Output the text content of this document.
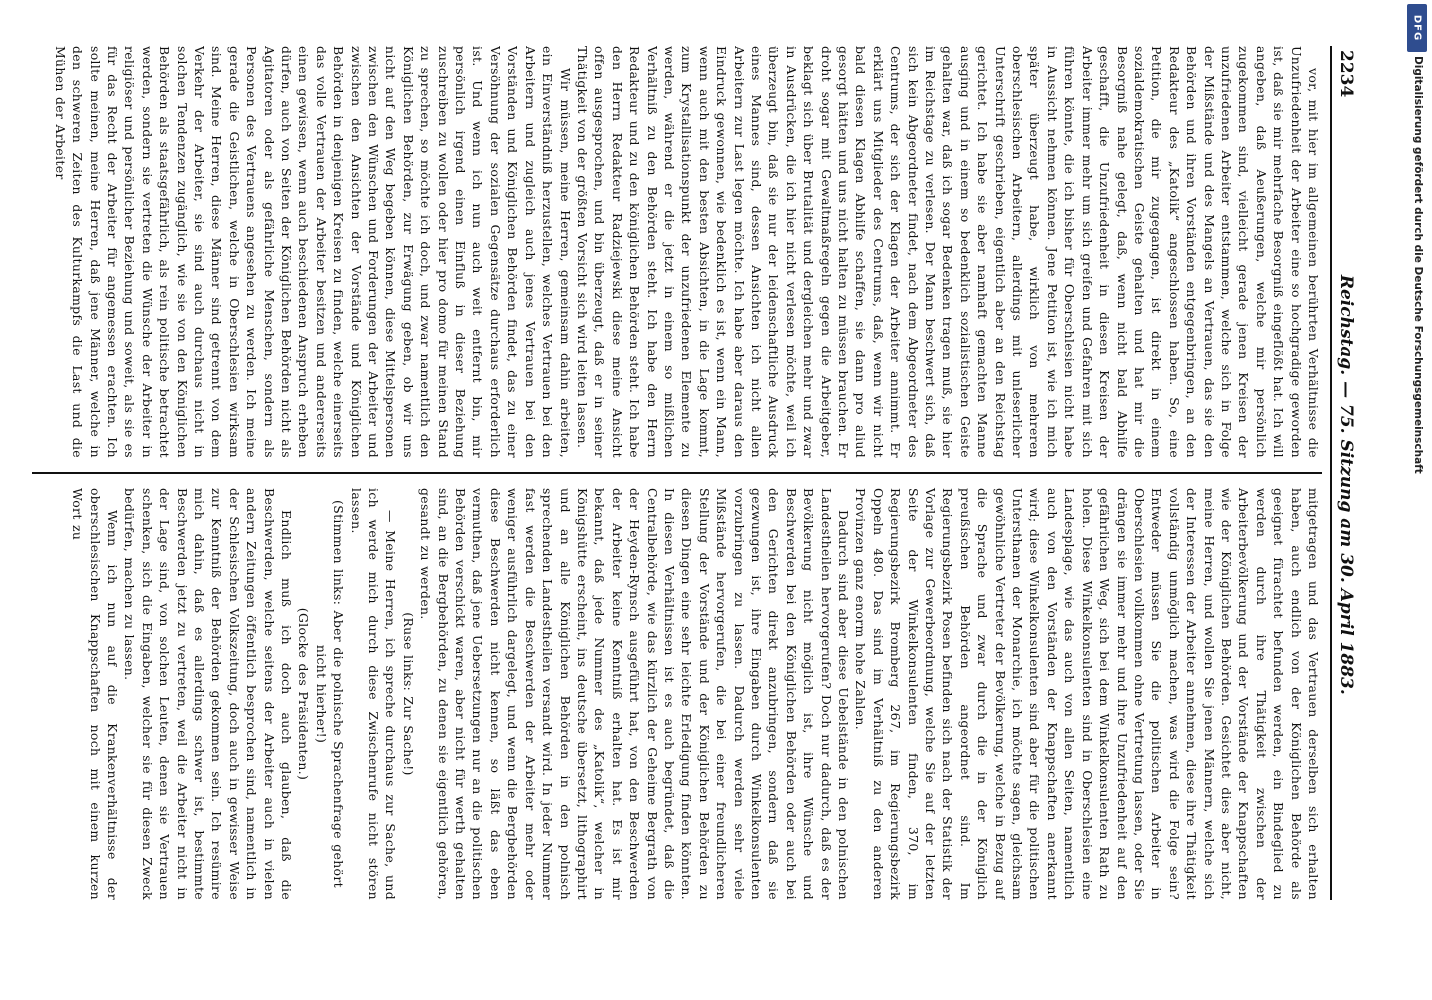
2234
Reichstag. — 75. Sitzung am 30. April 1883.

vor, mit hier im allgemeinen berührten Verhältnisse die Unzufriedenheit der Arbeiter eine so hochgradige geworden ist, daß sie mir mehrfache Besorgniß eingeflößt hat. Ich will angeben, daß Aeußerungen, welche mir persönlich zugekommen sind, vielleicht gerade jenen Kreisen der unzufriedenen Arbeiter entstammen, welche sich in Folge der Mißstände und des Mangels an Vertrauen, das sie den Behörden und ihren Vorständen entgegenbringen, an den Redakteur des „Katolik“ angeschlossen haben. So, eine Petition, die mir zugegangen, ist direkt in einem sozialdemokratischen Geiste gehalten und hat mir die Besorgniß nahe gelegt, daß, wenn nicht bald Abhilfe geschafft, die Unzufriedenheit in diesen Kreisen der Arbeiter immer mehr um sich greifen und Gefahren mit sich führen könnte, die ich bisher für Oberschlesien nicht habe in Aussicht nehmen können. Jene Petition ist, wie ich mich später überzeugt habe, wirklich von mehreren oberschlesischen Arbeitern, allerdings mit unleserlicher Unterschrift geschrieben, eigentlich aber an den Reichstag gerichtet. Ich habe sie aber namhaft gemachten Manne ausging und in einem so bedenklich sozialistischen Geiste gehalten war, daß ich sogar Bedenken tragen muß, sie hier im Reichstage zu verlesen. Der Mann beschwert sich, daß sich kein Abgeordneter findet, nach dem Abgeordneter des Centrums, der sich der Klagen der Arbeiter annimmt. Er erklärt uns Mitglieder des Centrums, daß, wenn wir nicht bald diesen Klagen Abhilfe schaffen, sie dann pro aliud gesorgt hätten und uns nicht halten zu müssen brauchen. Er droht sogar mit Gewaltmaßregeln gegen die Arbeitgeber, beklagt sich über Brutalität und dergleichen mehr und zwar in Ausdrücken, die ich hier nicht verlesen möchte, weil ich überzeugt bin, daß sie nur der leidenschaftliche Ausdruck eines Mannes sind, dessen Ansichten ich nicht allen Arbeitern zur Last legen möchte. Ich habe aber daraus den Eindruck gewonnen, wie bedenklich es ist, wenn ein Mann, wenn auch mit den besten Absichten, in die Lage kommt, zum Krystallisationspunkt der unzufriedenen Elemente zu werden, während er die jetzt in einem so mißlichen Verhältniß zu den Behörden steht. Ich habe den Herrn Redakteur und zu den königlichen Behörden steht. Ich habe den Herrn Redakteur Radziejewski diese meine Ansicht offen ausgesprochen, und bin überzeugt, daß er in seiner Thätigkeit von der größten Vorsicht sich wird leiten lassen.

Wir müssen, meine Herren, gemeinsam dahin arbeiten, ein Einverständniß herzustellen, welches Vertrauen bei den Arbeitern und zugleich auch jenes Vertrauen bei den Vorständen und Königlichen Behörden findet, das zu einer Versöhnung der sozialen Gegensätze durchaus erforderlich ist. Und wenn ich nun auch weit entfernt bin, mir persönlich irgend einen Einfluß in dieser Beziehung zuschreiben zu wollen oder hier pro domo für meinen Stand zu sprechen, so möchte ich doch, und zwar namentlich den Königlichen Behörden, zur Erwägung geben, ob wir uns nicht auf den Weg begeben können, diese Mittelspersonen zwischen den Wünschen und Forderungen der Arbeiter und zwischen den Ansichten der Vorstände und Königlichen Behörden in denjenigen Kreisen zu finden, welche einerseits das volle Vertrauen der Arbeiter besitzen und andererseits einen gewissen, wenn auch beschiedenen Anspruch erheben dürfen, auch von Seiten der Königlichen Behörden nicht als Agitatoren oder als gefährliche Menschen, sondern als Personen des Vertrauens angesehen zu werden. Ich meine gerade die Geistlichen, welche in Oberschlesien wirksam sind. Meine Herren, diese Männer sind getrennt von dem Verkehr der Arbeiter, sie sind auch durchaus nicht in solchen Tendenzen zugänglich, wie sie von den Königlichen Behörden als staatsgefährlich, als rein politische betrachtet werden, sondern sie vertreten die Wünsche der Arbeiter in religiöser und persönlicher Beziehung und soweit, als sie es für das Recht der Arbeiter für angemessen erachten. Ich sollte meinen, meine Herren, daß jene Männer, welche in den schweren Zeiten des Kulturkampfs die Last und die Mühen der Arbeiter

mitgetragen und das Vertrauen derselben sich erhalten haben, auch endlich von der Königlichen Behörde als geeignet fürachtet befunden werden, ein Bindeglied zu werden durch ihre Thätigkeit zwischen der Arbeiterbevölkerung und der Vorstände der Knappschaften wie der Königlichen Behörden. Gesichtet dies aber nicht, meine Herren, und wollen Sie jenen Männern, welche sich der Interessen der Arbeiter annehmen, diese ihre Thätigkeit vollständig unmöglich machen, was wird die Folge sein? Entweder müssen Sie die politischen Arbeiter in Oberschlesien vollkommen ohne Vertretung lassen, oder Sie drängen sie immer mehr und ihre Unzufriedenheit auf den gefährlichen Weg, sich bei dem Winkelkonsulenten Rath zu holen. Diese Winkelkonsulenten sind in Oberschlesien eine Landesplage, wie das auch von allen Seiten, namentlich auch von den Vorständen der Knappschaften anerkannt wird; diese Winkelkonsulenten sind aber für die politischen Untersthanen der Monarchie, ich möchte sagen, gleichsam gewöhnliche Vertreter der Bevölkerung, welche in Bezug auf die Sprache und zwar durch die in der Königlich preußischen Behörden angeordnet sind. Im Regierungsbezirk Posen befinden sich nach der Statistik der Vorlage zur Gewerbeordnung, welche Sie auf der letzten Seite der Winkelkonsulenten finden, 370, im Regierungsbezirk Bromberg 267, im Regierungsbezirk Oppeln 480. Das sind im Verhältniß zu den anderen Provinzen ganz enorm hohe Zahlen.

Dadurch sind aber diese Uebelstände in den polnischen Landestheilen hervorgerufen? Doch nur dadurch, daß es der Bevölkerung nicht möglich ist, ihre Wünsche und Beschwerden bei den Königlichen Behörden oder auch bei den Gerichten direkt anzubringen, sondern daß sie gezwungen ist, ihre Eingaben durch Winkelkonsulenten vorzubringen zu lassen. Dadurch werden sehr viele Mißstände hervorgerufen, die bei einer freundlicheren Stellung der Vorstände und der Königlichen Behörden zu diesen Dingen eine sehr leichte Erledigung finden könnten. In diesen Verhältnissen ist es auch begründet, daß die Centralbehörde, wie das kürzlich der Geheime Bergrath von der Heyden-Rynsch ausgeführt hat, von den Beschwerden der Arbeiter keine Kenntniß erhalten hat. Es ist mir bekannt, daß jede Nummer des „Katolik“, welcher in Königshütte erscheint, ins deutsche übersetzt, lithographirt und an alle Königlichen Behörden in den polnisch sprechenden Landestheilen versandt wird. In jeder Nummer fast werden die Beschwerden der Arbeiter mehr oder weniger ausführlich dargelegt, und wenn die Bergbehörden diese Beschwerden nicht kennen, so läßt das eben vermuthen, daß jene Uebersetzungen nur an die politischen Behörden verschickt waren, aber nicht für werth gehalten sind, an die Bergbehörden, zu denen sie eigentlich gehören, gesandt zu werden.

(Ruse links: Zur Sache!)

— Meine Herren, ich spreche durchaus zur Sache, und ich werde mich durch diese Zwischenrufe nicht stören lassen.

(Stimmen links: Aber die polnische Sprachenfrage gehört nicht hierher!)

(Glocke des Präsidenten.)

Endlich muß ich doch auch glauben, daß die Beschwerden, welche seitens der Arbeiter auch in vielen andern Zeitungen öffentlich besprochen sind, namentlich in der Schlesischen Volkszeitung, doch auch in gewisser Weise zur Kenntniß der Behörden gekommen sein. Ich resümire mich dahin, daß es allerdings schwer ist, bestimmte Beschwerden jetzt zu vertreten, weil die Arbeiter nicht in der Lage sind, von solchen Leuten, denen sie Vertrauen schenken, sich die Eingaben, welcher sie für diesen Zweck bedürfen, machen zu lassen.

Wenn ich nun auf die Krankenverhältnisse der oberschlesischen Knappschaften noch mit einem kurzen Wort zu

DFG
Digitalisierung gefördert durch die Deutsche Forschungsgemeinschaft
